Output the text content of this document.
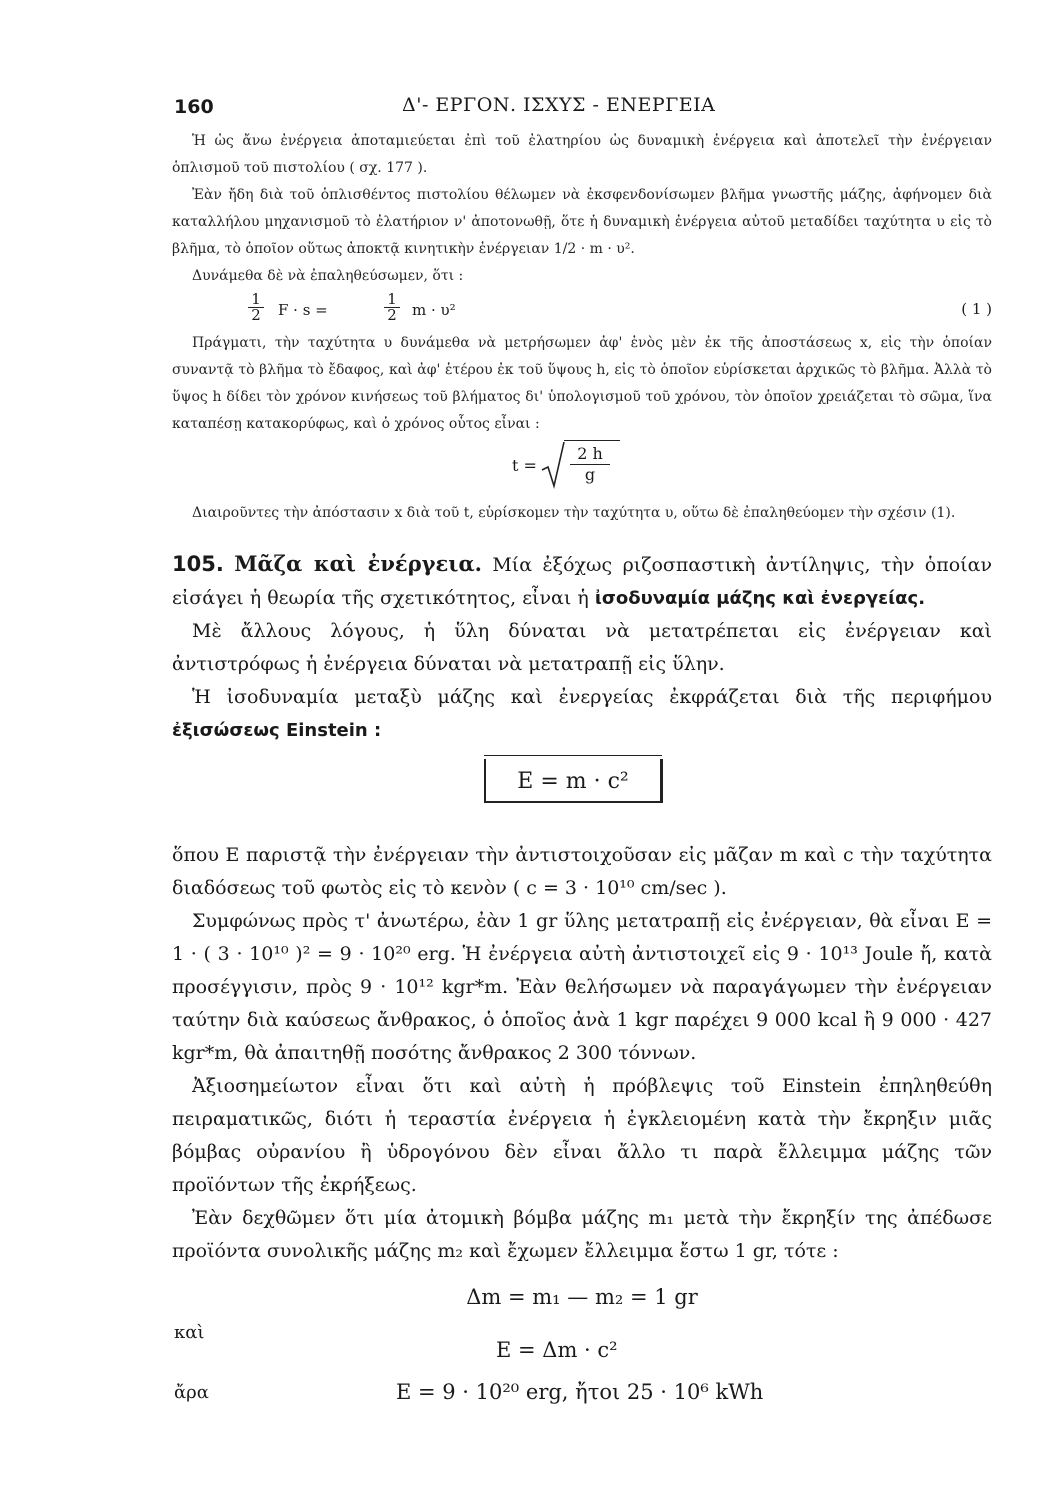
160	Δ'- ΕΡΓΟΝ. ΙΣΧΥΣ - ΕΝΕΡΓΕΙΑ

Ἡ ὡς ἄνω ἐνέργεια ἀποταμιεύεται ἐπὶ τοῦ ἐλατηρίου ὡς δυναμικὴ ἐνέργεια καὶ ἀποτελεῖ τὴν ἐνέργειαν ὁπλισμοῦ τοῦ πιστολίου ( σχ. 177 ).

Ἐὰν ἤδη διὰ τοῦ ὁπλισθέντος πιστολίου θέλωμεν νὰ ἐκσφενδονίσωμεν βλῆμα γνωστῆς μάζης, ἀφήνομεν διὰ καταλλήλου μηχανισμοῦ τὸ ἐλατήριον ν' ἀποτονωθῇ, ὅτε ἡ δυναμικὴ ἐνέργεια αὐτοῦ μεταδίδει ταχύτητα υ εἰς τὸ βλῆμα, τὸ ὁποῖον οὕτως ἀποκτᾷ κινητικὴν ἐνέργειαν 1/2 · m · υ².

Δυνάμεθα δὲ νὰ ἐπαληθεύσωμεν, ὅτι :

1
2 F · s =
1
2 m · υ²	( 1 )

Πράγματι, τὴν ταχύτητα υ δυνάμεθα νὰ μετρήσωμεν ἀφ' ἑνὸς μὲν ἐκ τῆς ἀποστάσεως x, εἰς τὴν ὁποίαν συναντᾷ τὸ βλῆμα τὸ ἔδαφος, καὶ ἀφ' ἑτέρου ἐκ τοῦ ὕψους h, εἰς τὸ ὁποῖον εὑρίσκεται ἀρχικῶς τὸ βλῆμα. Ἀλλὰ τὸ ὕψος h δίδει τὸν χρόνον κινήσεως τοῦ βλήματος δι' ὑπολογισμοῦ τοῦ χρόνου, τὸν ὁποῖον χρειάζεται τὸ σῶμα, ἵνα καταπέσῃ κατακορύφως, καὶ ὁ χρόνος οὗτος εἶναι :

t =
2 h
g

Διαιροῦντες τὴν ἀπόστασιν x διὰ τοῦ t, εὑρίσκομεν τὴν ταχύτητα υ, οὕτω δὲ ἐπαληθεύομεν τὴν σχέσιν (1).

105. Μᾶζα καὶ ἐνέργεια. Μία ἐξόχως ριζοσπαστικὴ ἀντίληψις, τὴν ὁποίαν εἰσάγει ἡ θεωρία τῆς σχετικότητος, εἶναι ἡ ἰσοδυναμία μάζης καὶ ἐνεργείας.

Μὲ ἄλλους λόγους, ἡ ὕλη δύναται νὰ μετατρέπεται εἰς ἐνέργειαν καὶ ἀντιστρόφως ἡ ἐνέργεια δύναται νὰ μετατραπῇ εἰς ὕλην.

Ἡ ἰσοδυναμία μεταξὺ μάζης καὶ ἐνεργείας ἐκφράζεται διὰ τῆς περιφήμου ἐξισώσεως Einstein :

E = m · c²

ὅπου E παριστᾷ τὴν ἐνέργειαν τὴν ἀντιστοιχοῦσαν εἰς μᾶζαν m καὶ c τὴν ταχύτητα διαδόσεως τοῦ φωτὸς εἰς τὸ κενὸν ( c = 3 · 10¹⁰ cm/sec ).

Συμφώνως πρὸς τ' ἀνωτέρω, ἐὰν 1 gr ὕλης μετατραπῇ εἰς ἐνέργειαν, θὰ εἶναι E = 1 · ( 3 · 10¹⁰ )² = 9 · 10²⁰ erg. Ἡ ἐνέργεια αὐτὴ ἀντιστοιχεῖ εἰς 9 · 10¹³ Joule ἤ, κατὰ προσέγγισιν, πρὸς 9 · 10¹² kgr*m. Ἐὰν θελήσωμεν νὰ παραγάγωμεν τὴν ἐνέργειαν ταύτην διὰ καύσεως ἄνθρακος, ὁ ὁποῖος ἀνὰ 1 kgr παρέχει 9 000 kcal ἢ 9 000 · 427 kgr*m, θὰ ἀπαιτηθῇ ποσότης ἄνθρακος 2 300 τόννων.

Ἀξιοσημείωτον εἶναι ὅτι καὶ αὐτὴ ἡ πρόβλεψις τοῦ Einstein ἐπηληθεύθη πειραματικῶς, διότι ἡ τεραστία ἐνέργεια ἡ ἐγκλειομένη κατὰ τὴν ἔκρηξιν μιᾶς βόμβας οὐρανίου ἢ ὑδρογόνου δὲν εἶναι ἄλλο τι παρὰ ἔλλειμμα μάζης τῶν προϊόντων τῆς ἐκρήξεως.

Ἐὰν δεχθῶμεν ὅτι μία ἀτομικὴ βόμβα μάζης m₁ μετὰ τὴν ἔκρηξίν της ἀπέδωσε προϊόντα συνολικῆς μάζης m₂ καὶ ἔχωμεν ἔλλειμμα ἔστω 1 gr, τότε :

Δm = m₁ — m₂ = 1 gr

καὶ
E = Δm · c²
ἄρα	E = 9 · 10²⁰ erg, ἤτοι 25 · 10⁶ kWh
